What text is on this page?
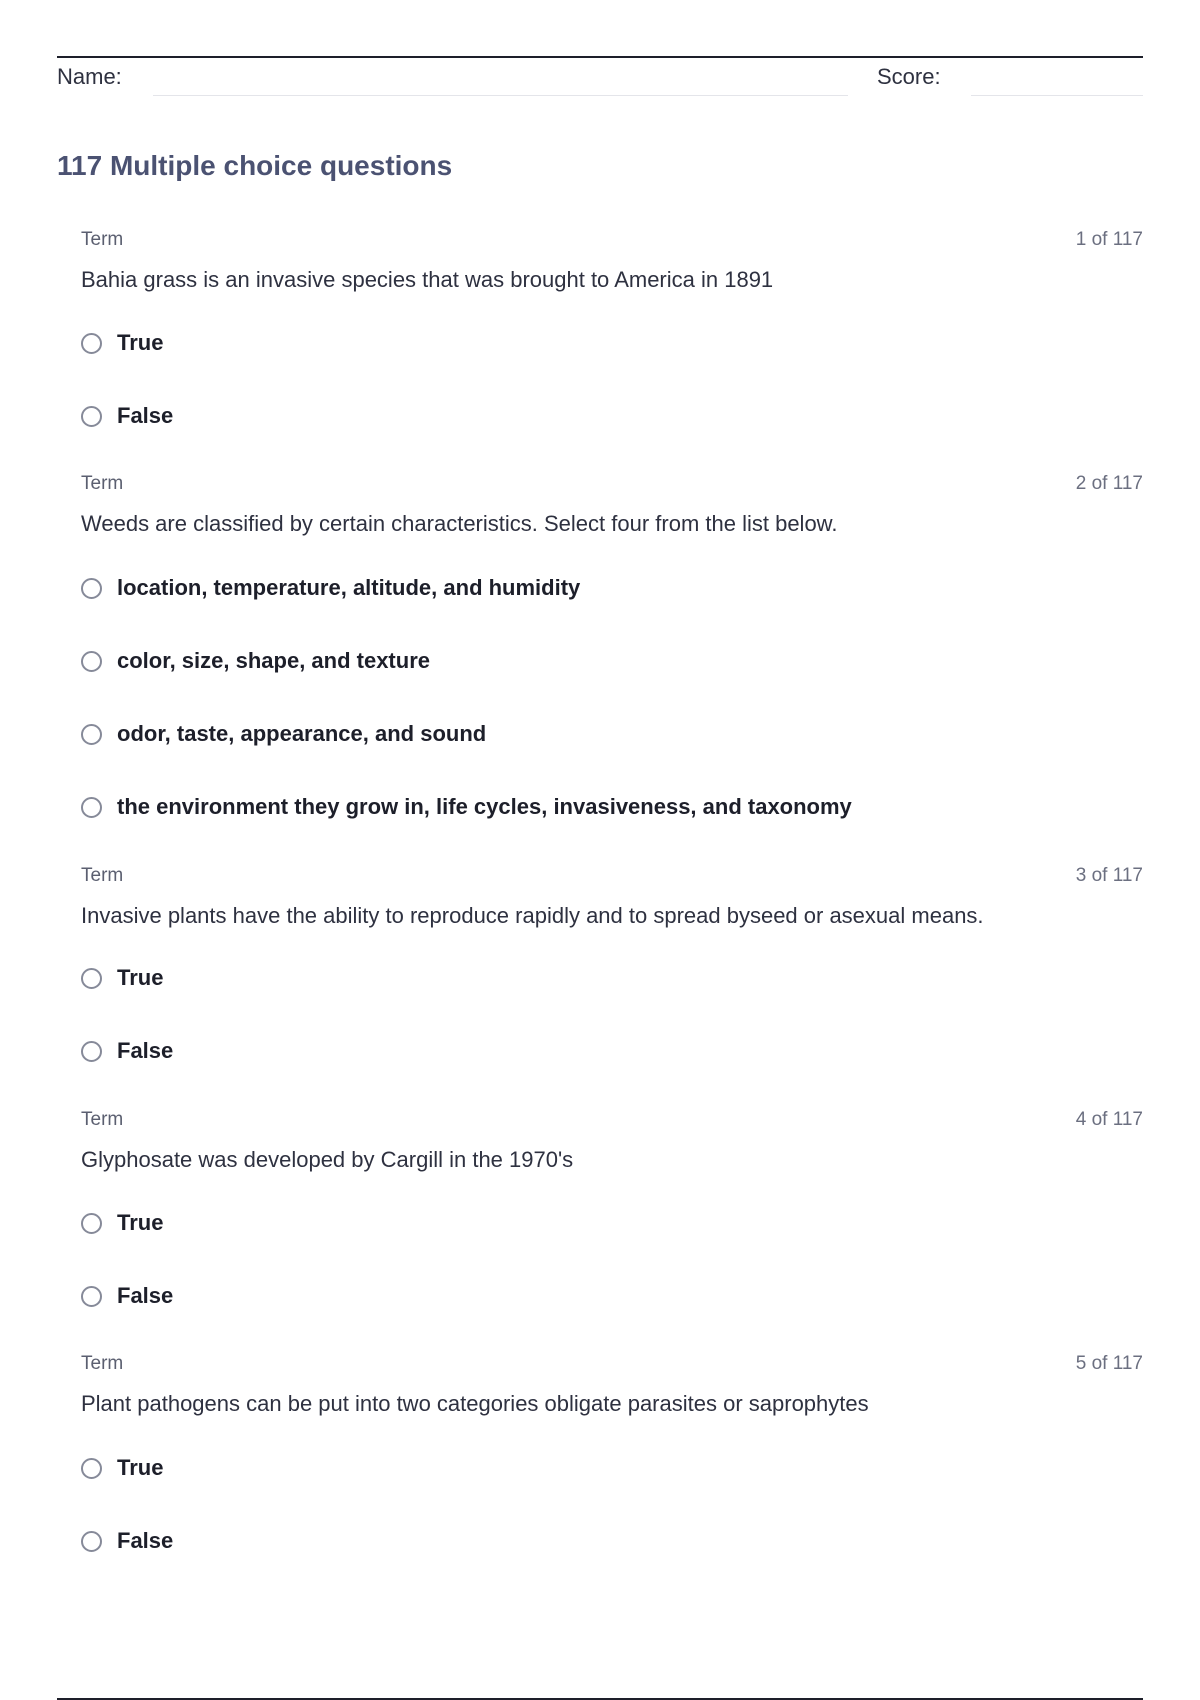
Name:	Score:
117 Multiple choice questions
Term	1 of 117
Bahia grass is an invasive species that was brought to America in 1891
True
False
Term	2 of 117
Weeds are classified by certain characteristics. Select four from the list below.
location, temperature, altitude, and humidity
color, size, shape, and texture
odor, taste, appearance, and sound
the environment they grow in, life cycles, invasiveness, and taxonomy
Term	3 of 117
Invasive plants have the ability to reproduce rapidly and to spread byseed or asexual means.
True
False
Term	4 of 117
Glyphosate was developed by Cargill in the 1970's
True
False
Term	5 of 117
Plant pathogens can be put into two categories obligate parasites or saprophytes
True
False
